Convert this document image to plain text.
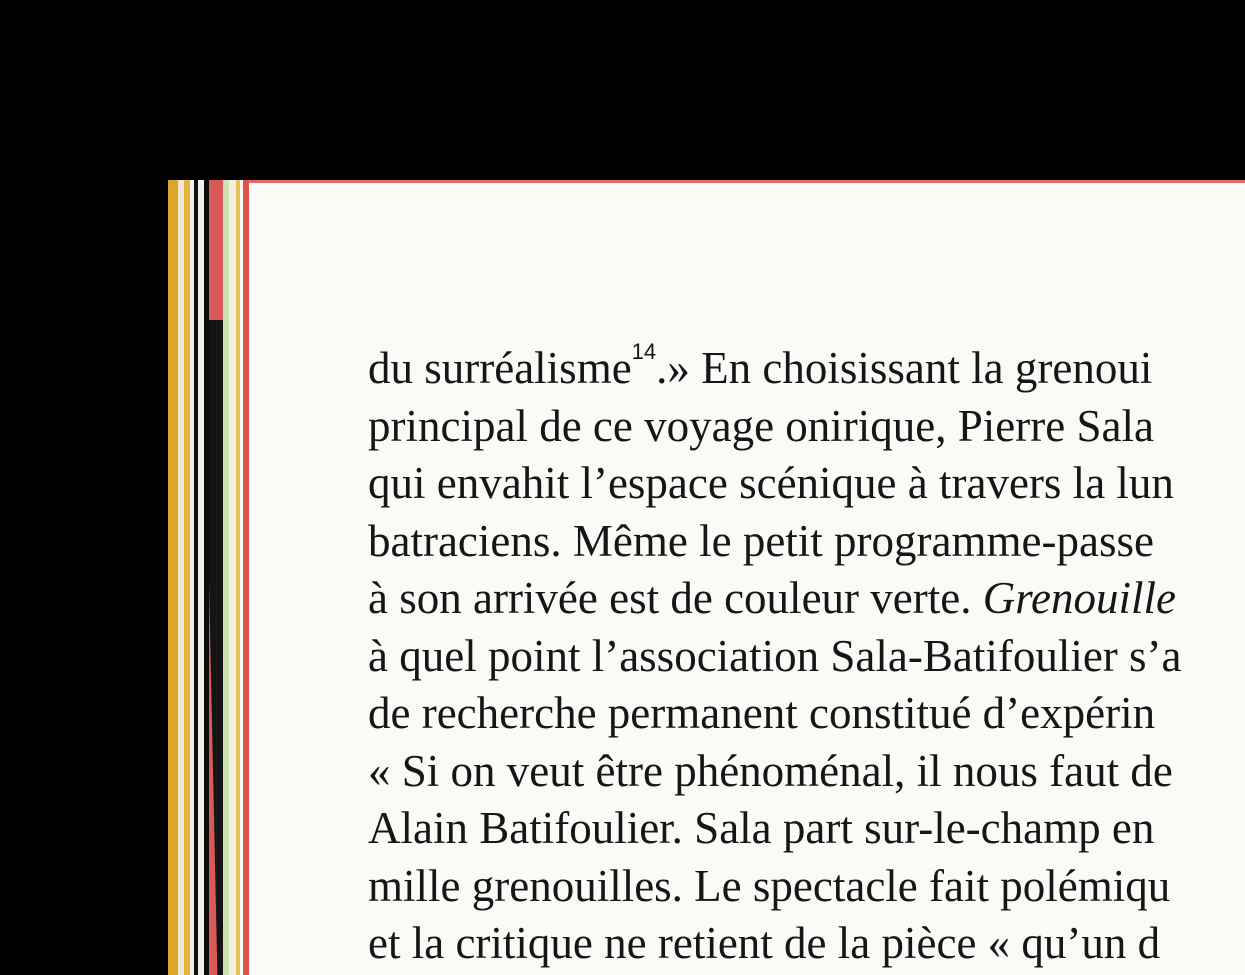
du surréalisme$^{14}$.» En choisissant la grenoui
principal de ce voyage onirique, Pierre Sala
qui envahit l’espace scénique à travers la lun
batraciens. Même le petit programme-passe
à son arrivée est de couleur verte. Grenouille
à quel point l’association Sala-Batifoulier s’a
de recherche permanent constitué d’expérin
« Si on veut être phénoménal, il nous faut de
Alain Batifoulier. Sala part sur-le-champ en
mille grenouilles. Le spectacle fait polémiqu
et la critique ne retient de la pièce « qu’un d
